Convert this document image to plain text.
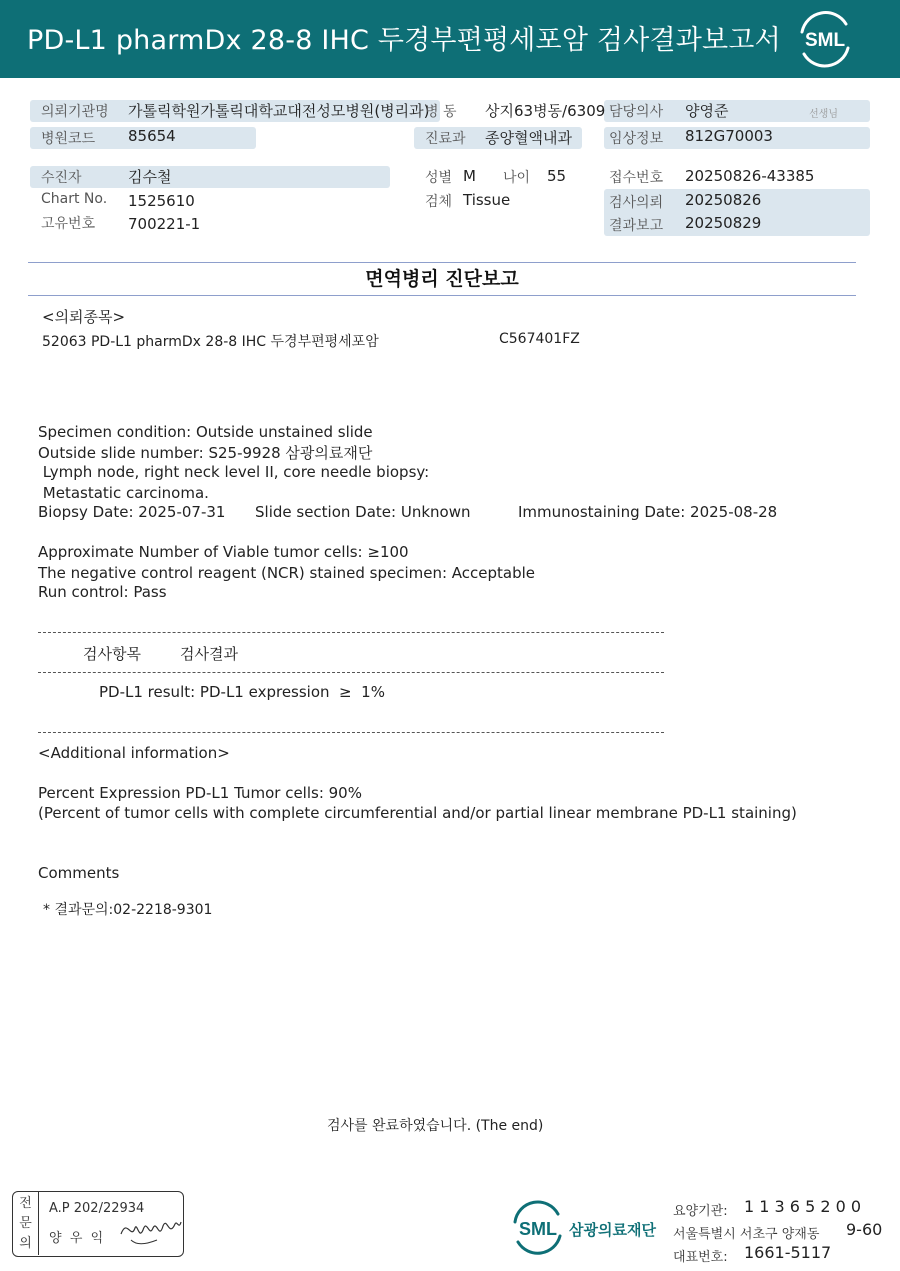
PD-L1 pharmDx 28-8 IHC 두경부편평세포암 검사결과보고서 SML
의뢰기관명 가톨릭학원가톨릭대학교대전성모병원(병리과)
병 동 상지63병동/6309 담당의사 양영준	선생님
병원코드 85654	진료과 종양혈액내과	임상정보 812G70003
수진자	김수철	성별 M 나이 55	접수번호 20250826-43385
Chart No. 1525610	검체 Tissue	검사의뢰 20250826
고유번호 700221-1	결과보고 20250829
면역병리 진단보고
<의뢰종목>
52063 PD-L1 pharmDx 28-8 IHC 두경부편평세포암	C567401FZ
Specimen condition: Outside unstained slide
Outside slide number: S25-9928 삼광의료재단
Lymph node, right neck level II, core needle biopsy:
Metastatic carcinoma.
Biopsy Date: 2025-07-31 Slide section Date: Unknown	Immunostaining Date: 2025-08-28
Approximate Number of Viable tumor cells: ≥100
The negative control reagent (NCR) stained specimen: Acceptable
Run control: Pass
검사항목	검사결과
PD-L1 result: PD-L1 expression  ≥  1%
<Additional information>
Percent Expression PD-L1 Tumor cells: 90%
(Percent of tumor cells with complete circumferential and/or partial linear membrane PD-L1 staining)
Comments
* 결과문의:02-2218-9301
검사를 완료하였습니다. (The end)
전
문
의
A.P 202/22934
양  우  익	SML 삼광의료재단
요양기관: 1 1 3 6 5 2 0 0
서울특별시 서초구 양재동 9-60
대표번호: 1661-5117
